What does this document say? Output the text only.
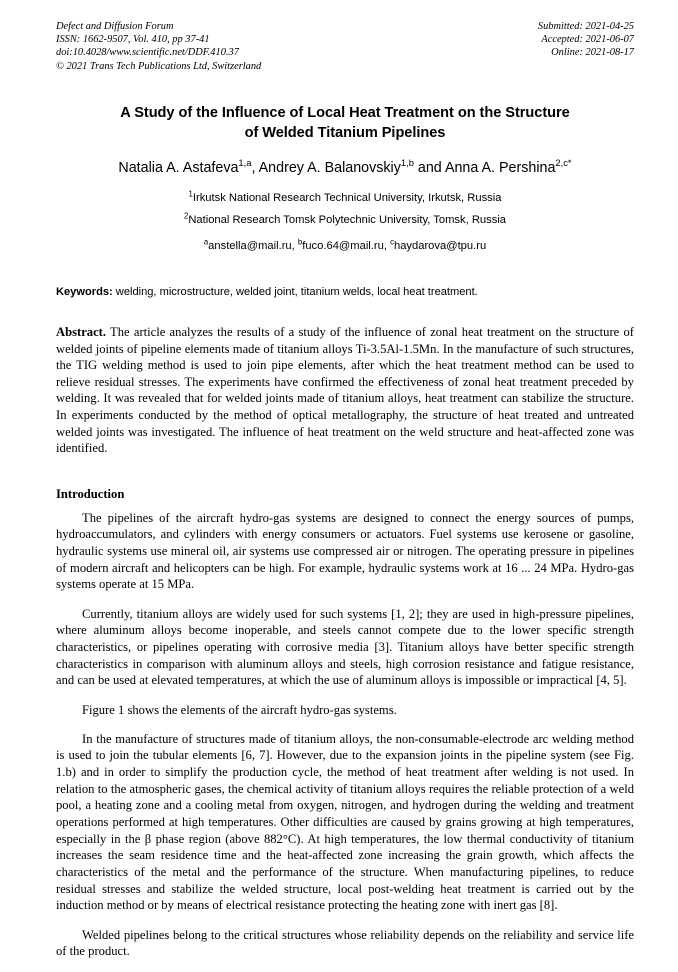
Defect and Diffusion Forum
ISSN: 1662-9507, Vol. 410, pp 37-41
doi:10.4028/www.scientific.net/DDF.410.37
© 2021 Trans Tech Publications Ltd, Switzerland
Submitted: 2021-04-25
Accepted: 2021-06-07
Online: 2021-08-17
A Study of the Influence of Local Heat Treatment on the Structure
of Welded Titanium Pipelines
Natalia A. Astafeva$^{1,a}$, Andrey A. Balanovskiy$^{1,b}$ and Anna A. Pershina$^{2,c*}$
$^1$Irkutsk National Research Technical University, Irkutsk, Russia
$^2$National Research Tomsk Polytechnic University, Tomsk, Russia
$^a$anstella@mail.ru, $^b$fuco.64@mail.ru, $^c$haydarova@tpu.ru
Keywords: welding, microstructure, welded joint, titanium welds, local heat treatment.
Abstract. The article analyzes the results of a study of the influence of zonal heat treatment on the structure of welded joints of pipeline elements made of titanium alloys Ti-3.5Al-1.5Mn. In the manufacture of such structures, the TIG welding method is used to join pipe elements, after which the heat treatment method can be used to relieve residual stresses. The experiments have confirmed the effectiveness of zonal heat treatment preceded by welding. It was revealed that for welded joints made of titanium alloys, heat treatment can stabilize the structure. In experiments conducted by the method of optical metallography, the structure of heat treated and untreated welded joints was investigated. The influence of heat treatment on the weld structure and heat-affected zone was identified.
Introduction

The pipelines of the aircraft hydro-gas systems are designed to connect the energy sources of pumps, hydroaccumulators, and cylinders with energy consumers or actuators. Fuel systems use kerosene or gasoline, hydraulic systems use mineral oil, air systems use compressed air or nitrogen. The operating pressure in pipelines of modern aircraft and helicopters can be high. For example, hydraulic systems work at 16 ... 24 MPa. Hydro-gas systems operate at 15 MPa.

Currently, titanium alloys are widely used for such systems [1, 2]; they are used in high-pressure pipelines, where aluminum alloys become inoperable, and steels cannot compete due to the lower specific strength characteristics, or pipelines operating with corrosive media [3]. Titanium alloys have better specific strength characteristics in comparison with aluminum alloys and steels, high corrosion resistance and fatigue resistance, and can be used at elevated temperatures, at which the use of aluminum alloys is impossible or impractical [4, 5].

Figure 1 shows the elements of the aircraft hydro-gas systems.

In the manufacture of structures made of titanium alloys, the non-consumable-electrode arc welding method is used to join the tubular elements [6, 7]. However, due to the expansion joints in the pipeline system (see Fig. 1.b) and in order to simplify the production cycle, the method of heat treatment after welding is not used. In relation to the atmospheric gases, the chemical activity of titanium alloys requires the reliable protection of a weld pool, a heating zone and a cooling metal from oxygen, nitrogen, and hydrogen during the welding and treatment operations performed at high temperatures. Other difficulties are caused by grains growing at high temperatures, especially in the β phase region (above 882°C). At high temperatures, the low thermal conductivity of titanium increases the seam residence time and the heat-affected zone increasing the grain growth, which affects the characteristics of the metal and the performance of the structure. When manufacturing pipelines, to reduce residual stresses and stabilize the welded structure, local post-welding heat treatment is carried out by the induction method or by means of electrical resistance protecting the heating zone with inert gas [8].

Welded pipelines belong to the critical structures whose reliability depends on the reliability and service life of the product.
